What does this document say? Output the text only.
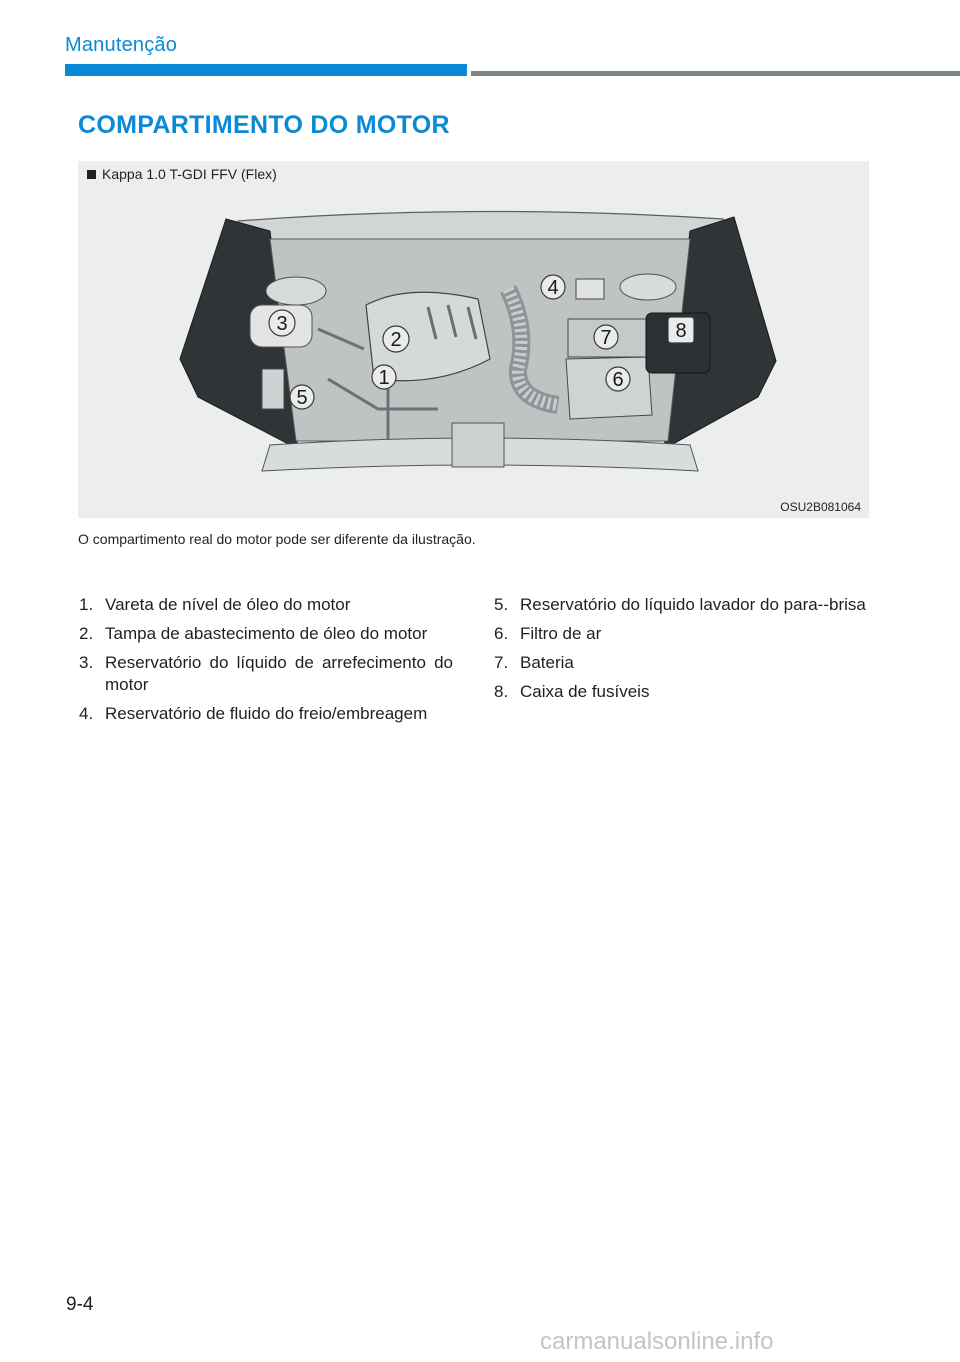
Manutenção
COMPARTIMENTO DO MOTOR
Kappa 1.0 T-GDI FFV (Flex)
1
2
3
4
5
6
7	8
OSU2B081064
O compartimento real do motor pode ser diferente da ilustração.
1. Vareta de nível de óleo do motor
2. Tampa de abastecimento de óleo do motor
3. Reservatório do líquido de arrefecimento do motor
4. Reservatório de fluido do freio/embreagem
5. Reservatório do líquido lavador do para--brisa
6. Filtro de ar
7. Bateria
8. Caixa de fusíveis
9-4
carmanualsonline.info
